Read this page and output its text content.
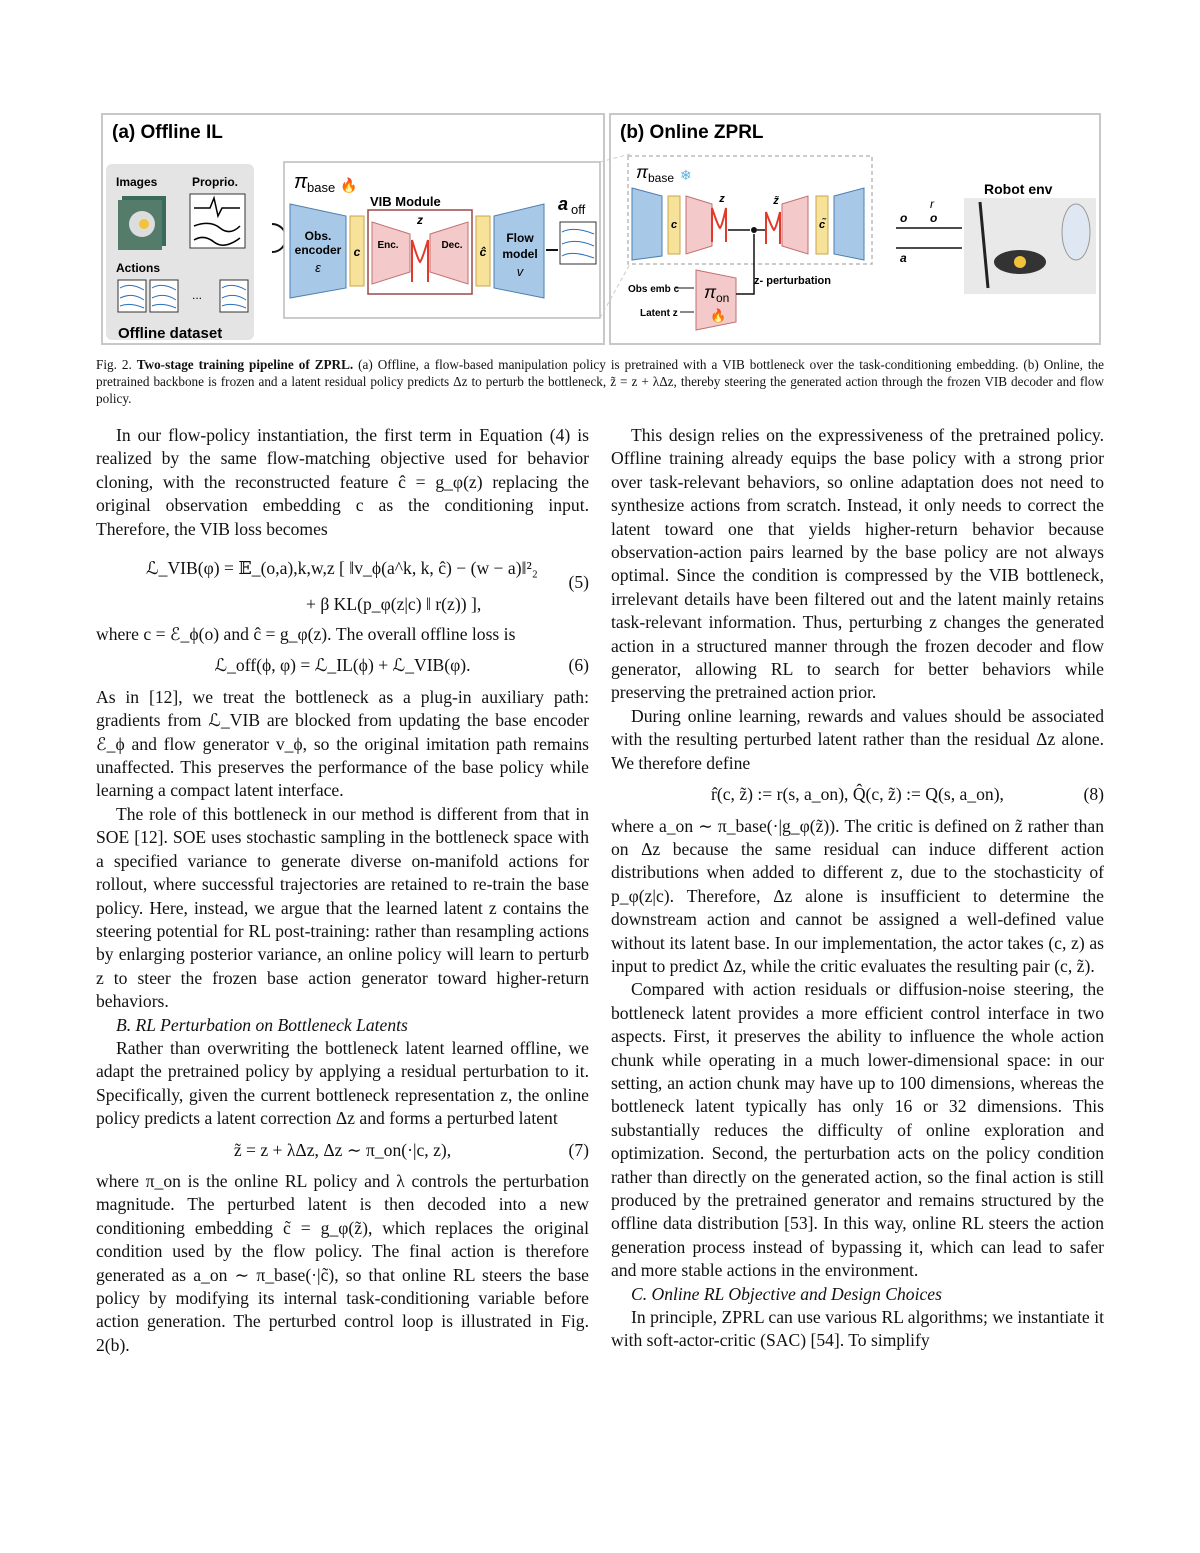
(a) Offline IL
Images	Proprio.
Actions
...
Offline dataset
π base 🔥
VIB Module
Obs.
encoder
ε
c Enc.	Dec.
z
ĉ
Flow
model
v
a off
(b) Online ZPRL
π base ❄
c
z	z̃
c̃
π on
🔥
z- perturbation
Obs emb c
Latent z
Robot env
r
o o
a
Fig. 2. Two-stage training pipeline of ZPRL. (a) Offline, a flow-based manipulation policy is pretrained with a VIB bottleneck over the task-conditioning embedding. (b) Online, the pretrained backbone is frozen and a latent residual policy predicts Δz to perturb the bottleneck, z̃ = z + λΔz, thereby steering the generated action through the frozen VIB decoder and flow policy.

In our flow-policy instantiation, the first term in Equation (4) is realized by the same flow-matching objective used for behavior cloning, with the reconstructed feature ĉ = g_φ(z) replacing the original observation embedding c as the conditioning input. Therefore, the VIB loss becomes

ℒ_VIB(φ) = 𝔼_(o,a),k,w,z [ ‖v_ϕ(a^k, k, ĉ) − (w − a)‖²₂
+ β KL(p_φ(z|c) ‖ r(z)) ],
(5)

where c = ℰ_ϕ(o) and ĉ = g_φ(z). The overall offline loss is

ℒ_off(ϕ, φ) = ℒ_IL(ϕ) + ℒ_VIB(φ).	(6)

As in [12], we treat the bottleneck as a plug-in auxiliary path: gradients from ℒ_VIB are blocked from updating the base encoder ℰ_ϕ and flow generator v_ϕ, so the original imitation path remains unaffected. This preserves the performance of the base policy while learning a compact latent interface.

The role of this bottleneck in our method is different from that in SOE [12]. SOE uses stochastic sampling in the bottleneck space with a specified variance to generate diverse on-manifold actions for rollout, where successful trajectories are retained to re-train the base policy. Here, instead, we argue that the learned latent z contains the steering potential for RL post-training: rather than resampling actions by enlarging posterior variance, an online policy will learn to perturb z to steer the frozen base action generator toward higher-return behaviors.

B. RL Perturbation on Bottleneck Latents

Rather than overwriting the bottleneck latent learned offline, we adapt the pretrained policy by applying a residual perturbation to it. Specifically, given the current bottleneck representation z, the online policy predicts a latent correction Δz and forms a perturbed latent

z̃ = z + λΔz, Δz ∼ π_on(·|c, z),	(7)

where π_on is the online RL policy and λ controls the perturbation magnitude. The perturbed latent is then decoded into a new conditioning embedding c̃ = g_φ(z̃), which replaces the original condition used by the flow policy. The final action is therefore generated as a_on ∼ π_base(·|c̃), so that online RL steers the base policy by modifying its internal task-conditioning variable before action generation. The perturbed control loop is illustrated in Fig. 2(b).

This design relies on the expressiveness of the pretrained policy. Offline training already equips the base policy with a strong prior over task-relevant behaviors, so online adaptation does not need to synthesize actions from scratch. Instead, it only needs to correct the latent toward one that yields higher-return behavior because observation-action pairs learned by the base policy are not always optimal. Since the condition is compressed by the VIB bottleneck, irrelevant details have been filtered out and the latent mainly retains task-relevant information. Thus, perturbing z changes the generated action in a structured manner through the frozen decoder and flow generator, allowing RL to search for better behaviors while preserving the pretrained action prior.

During online learning, rewards and values should be associated with the resulting perturbed latent rather than the residual Δz alone. We therefore define

r̂(c, z̃) := r(s, a_on), Q̂(c, z̃) := Q(s, a_on),	(8)

where a_on ∼ π_base(·|g_φ(z̃)). The critic is defined on z̃ rather than on Δz because the same residual can induce different action distributions when added to different z, due to the stochasticity of p_φ(z|c). Therefore, Δz alone is insufficient to determine the downstream action and cannot be assigned a well-defined value without its latent base. In our implementation, the actor takes (c, z) as input to predict Δz, while the critic evaluates the resulting pair (c, z̃).

Compared with action residuals or diffusion-noise steering, the bottleneck latent provides a more efficient control interface in two aspects. First, it preserves the ability to influence the whole action chunk while operating in a much lower-dimensional space: in our setting, an action chunk may have up to 100 dimensions, whereas the bottleneck latent typically has only 16 or 32 dimensions. This substantially reduces the difficulty of online exploration and optimization. Second, the perturbation acts on the policy condition rather than directly on the generated action, so the final action is still produced by the pretrained generator and remains structured by the offline data distribution [53]. In this way, online RL steers the action generation process instead of bypassing it, which can lead to safer and more stable actions in the environment.

C. Online RL Objective and Design Choices

In principle, ZPRL can use various RL algorithms; we instantiate it with soft-actor-critic (SAC) [54]. To simplify
